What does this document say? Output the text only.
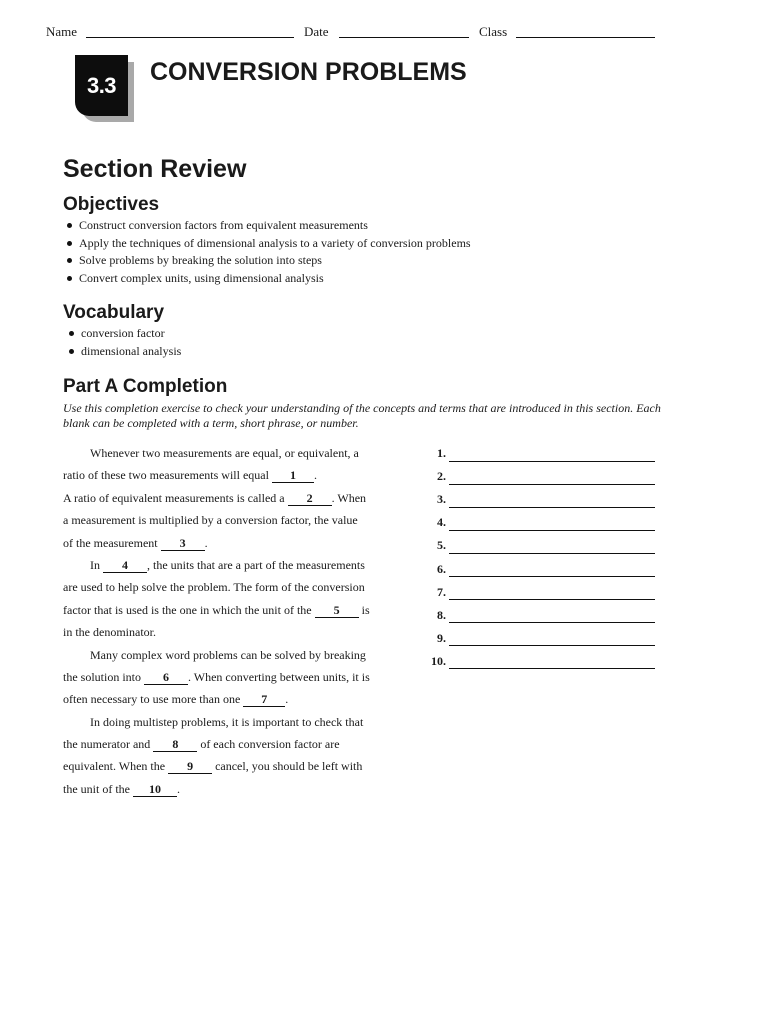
Name	Date	Class
3.3	CONVERSION PROBLEMS
Section Review
Objectives
Construct conversion factors from equivalent measurements
Apply the techniques of dimensional analysis to a variety of conversion problems
Solve problems by breaking the solution into steps
Convert complex units, using dimensional analysis
Vocabulary
conversion factor
dimensional analysis
Part A Completion
Use this completion exercise to check your understanding of the concepts and terms that are introduced in this section. Each blank can be completed with a term, short phrase, or number.
Whenever two measurements are equal, or equivalent, a
ratio of these two measurements will equal 1 .
A ratio of equivalent measurements is called a 2 . When
a measurement is multiplied by a conversion factor, the value
of the measurement 3 .
In 4 , the units that are a part of the measurements
are used to help solve the problem. The form of the conversion
factor that is used is the one in which the unit of the 5 is
in the denominator.
Many complex word problems can be solved by breaking
the solution into 6 . When converting between units, it is
often necessary to use more than one 7 .
In doing multistep problems, it is important to check that
the numerator and 8 of each conversion factor are
equivalent. When the 9 cancel, you should be left with
the unit of the 10 .
1.
2.
3.
4.
5.
6.
7.
8.
9.
10.
